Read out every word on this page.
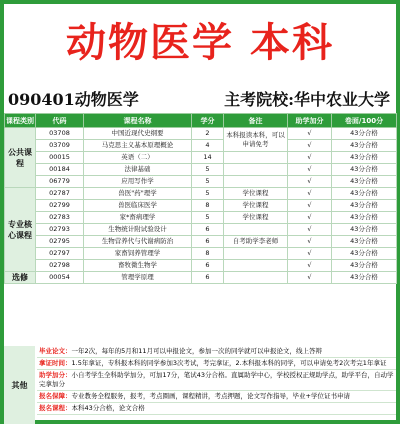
动物医学 本科
090401动物医学	主考院校:华中农业大学
课程类别	代码	课程名称	学分	备注	助学加分	卷面/100分
公共课程	03708	中国近现代史纲要	2	本科报读本科，可以申请免考	√	43分合格
	03709	马克思主义基本原理概论	4		√	43分合格
	00015	英语（二）	14		√	43分合格
	00184	法律基础	5		√	43分合格
	06779	应用写作学	5		√	43分合格
专业核心课程	02787	兽医"药"理学	5	学位课程	√	43分合格
	02799	兽医临床医学	8	学位课程	√	43分合格
	02783	家*畜病理学	5	学位课程	√	43分合格
	02793	生物统计附试验设计	6		√	43分合格
	02795	生物营养代与代谢病防治	6	自考助学李老师	√	43分合格
	02797	家畜饲养管理学	8		√	43分合格
	02798	畜牧微生物学	6		√	43分合格
选修	00054	管理学原理	6		√	43分合格
其他
毕业论文：一年2次，每年的5月和11月可以申报论文，参加一次的同学就可以申报论文，线上答辩
拿证时间：1.5年拿证，专科报本科的同学参加3次考试，考完拿证，2.本科报本科的同学，可以申请免考2次考完1年拿证
助学加分：小自考学生全科助学加分，可加17分，笔试43分合格。直属助学中心，学校授权正规助学点，助学平台，自动学完拿加分
报名保障：专业教务全程服务，报考，考点圈画，课程精讲，考点押题，论文写作指导，毕业+学位证书申请
报名课程：本科43分合格，论文合格
